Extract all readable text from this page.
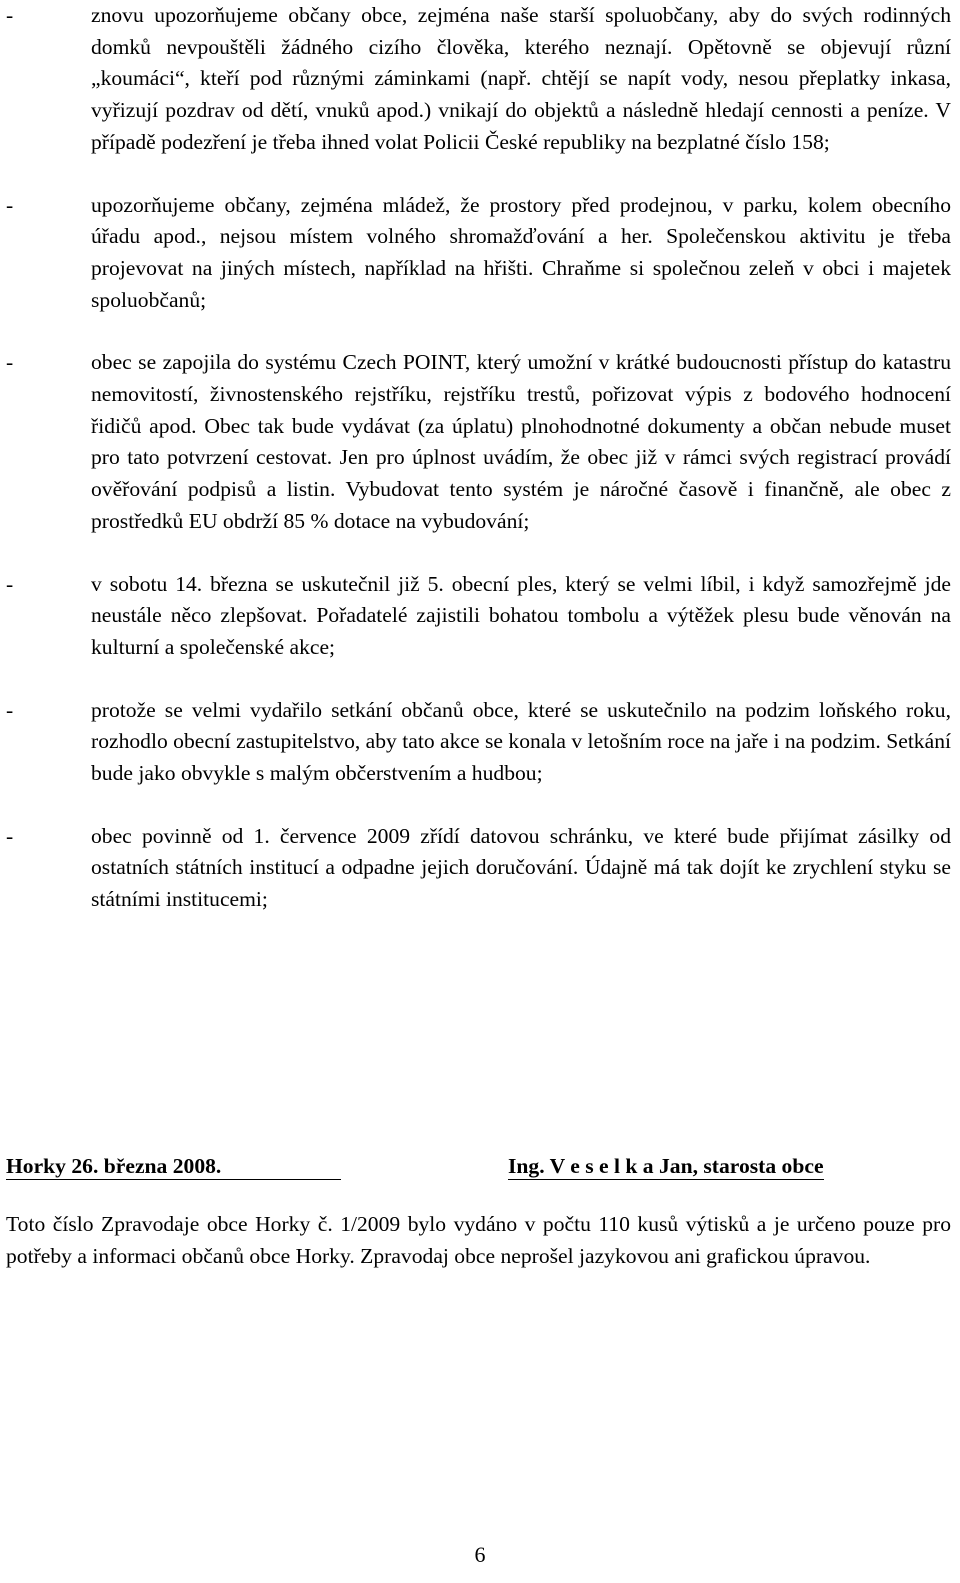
-	znovu upozorňujeme občany obce, zejména naše starší spoluobčany, aby do svých rodinných domků nevpouštěli žádného cizího člověka, kterého neznají. Opětovně se objevují různí „koumáci“, kteří pod různými záminkami (např. chtějí se napít vody, nesou přeplatky inkasa, vyřizují pozdrav od dětí, vnuků apod.) vnikají do objektů a následně hledají cennosti a peníze. V případě podezření je třeba ihned volat Policii České republiky na bezplatné číslo 158;
-	upozorňujeme občany, zejména mládež, že prostory před prodejnou, v parku, kolem obecního úřadu apod., nejsou místem volného shromažďování a her. Společenskou aktivitu je třeba projevovat na jiných místech, například na hřišti. Chraňme si společnou zeleň v obci i majetek spoluobčanů;
-	obec se zapojila do systému Czech POINT, který umožní v krátké budoucnosti přístup do katastru nemovitostí, živnostenského rejstříku, rejstříku trestů, pořizovat výpis z bodového hodnocení řidičů apod. Obec tak bude vydávat (za úplatu) plnohodnotné dokumenty a občan nebude muset pro tato potvrzení cestovat. Jen pro úplnost uvádím, že obec již v rámci svých registrací provádí ověřování podpisů a listin. Vybudovat tento systém je náročné časově i finančně, ale obec z prostředků EU obdrží 85 % dotace na vybudování;
-	v sobotu 14. března se uskutečnil již 5. obecní ples, který se velmi líbil, i když samozřejmě jde neustále něco zlepšovat. Pořadatelé zajistili bohatou tombolu a výtěžek plesu bude věnován na kulturní a společenské akce;
-	protože se velmi vydařilo setkání občanů obce, které se uskutečnilo na podzim loňského roku, rozhodlo obecní zastupitelstvo, aby tato akce se konala v letošním roce na jaře i na podzim. Setkání bude jako obvykle s malým občerstvením a hudbou;
-	obec povinně od 1. července 2009 zřídí datovou schránku, ve které bude přijímat zásilky od ostatních státních institucí a odpadne jejich doručování. Údajně má tak dojít ke zrychlení styku se státními institucemi;
Horky 26. března 2008.	Ing. V e s e l k a Jan, starosta obce
Toto číslo Zpravodaje obce Horky č. 1/2009 bylo vydáno v počtu 110 kusů výtisků a je určeno pouze pro potřeby a informaci občanů obce Horky. Zpravodaj obce neprošel jazykovou ani grafickou úpravou.
6
